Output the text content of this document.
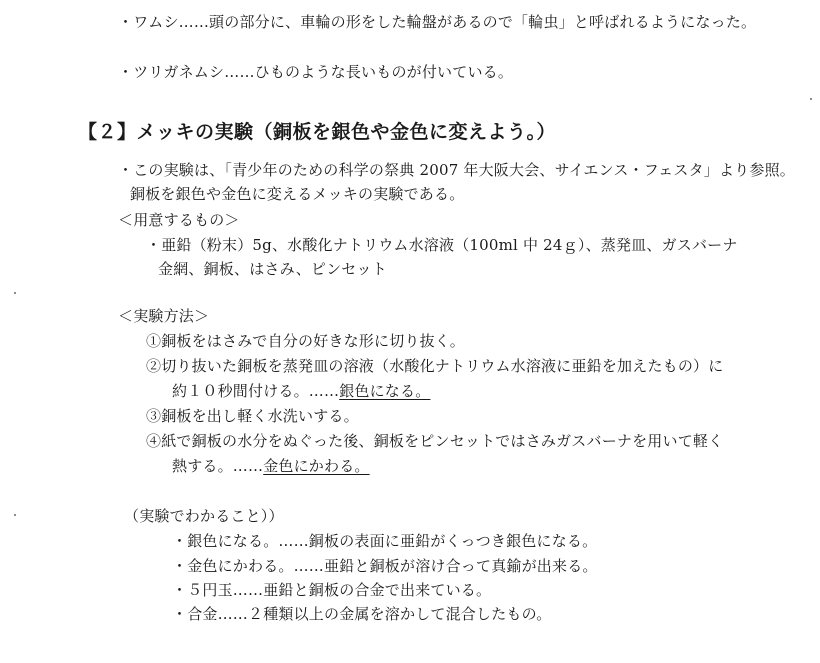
・ワムシ……頭の部分に、車輪の形をした輪盤があるので「輪虫」と呼ばれるようになった。
・ツリガネムシ……ひものような長いものが付いている。
【２】メッキの実験（銅板を銀色や金色に変えよう。）
・この実験は、「青少年のための科学の祭典 2007 年大阪大会、サイエンス・フェスタ」より参照。
銅板を銀色や金色に変えるメッキの実験である。
＜用意するもの＞
・亜鉛（粉末）5g、水酸化ナトリウム水溶液（100ml 中 24ｇ）、蒸発皿、ガスバーナ
金網、銅板、はさみ、ピンセット
＜実験方法＞
①銅板をはさみで自分の好きな形に切り抜く。
②切り抜いた銅板を蒸発皿の溶液（水酸化ナトリウム水溶液に亜鉛を加えたもの）に
約１０秒間付ける。……銀色になる。
③銅板を出し軽く水洗いする。
④紙で銅板の水分をぬぐった後、銅板をピンセットではさみガスバーナを用いて軽く
熱する。……金色にかわる。
（実験でわかること））
・銀色になる。……銅板の表面に亜鉛がくっつき銀色になる。
・金色にかわる。……亜鉛と銅板が溶け合って真鍮が出来る。
・５円玉……亜鉛と銅板の合金で出来ている。
・合金……２種類以上の金属を溶かして混合したもの。
